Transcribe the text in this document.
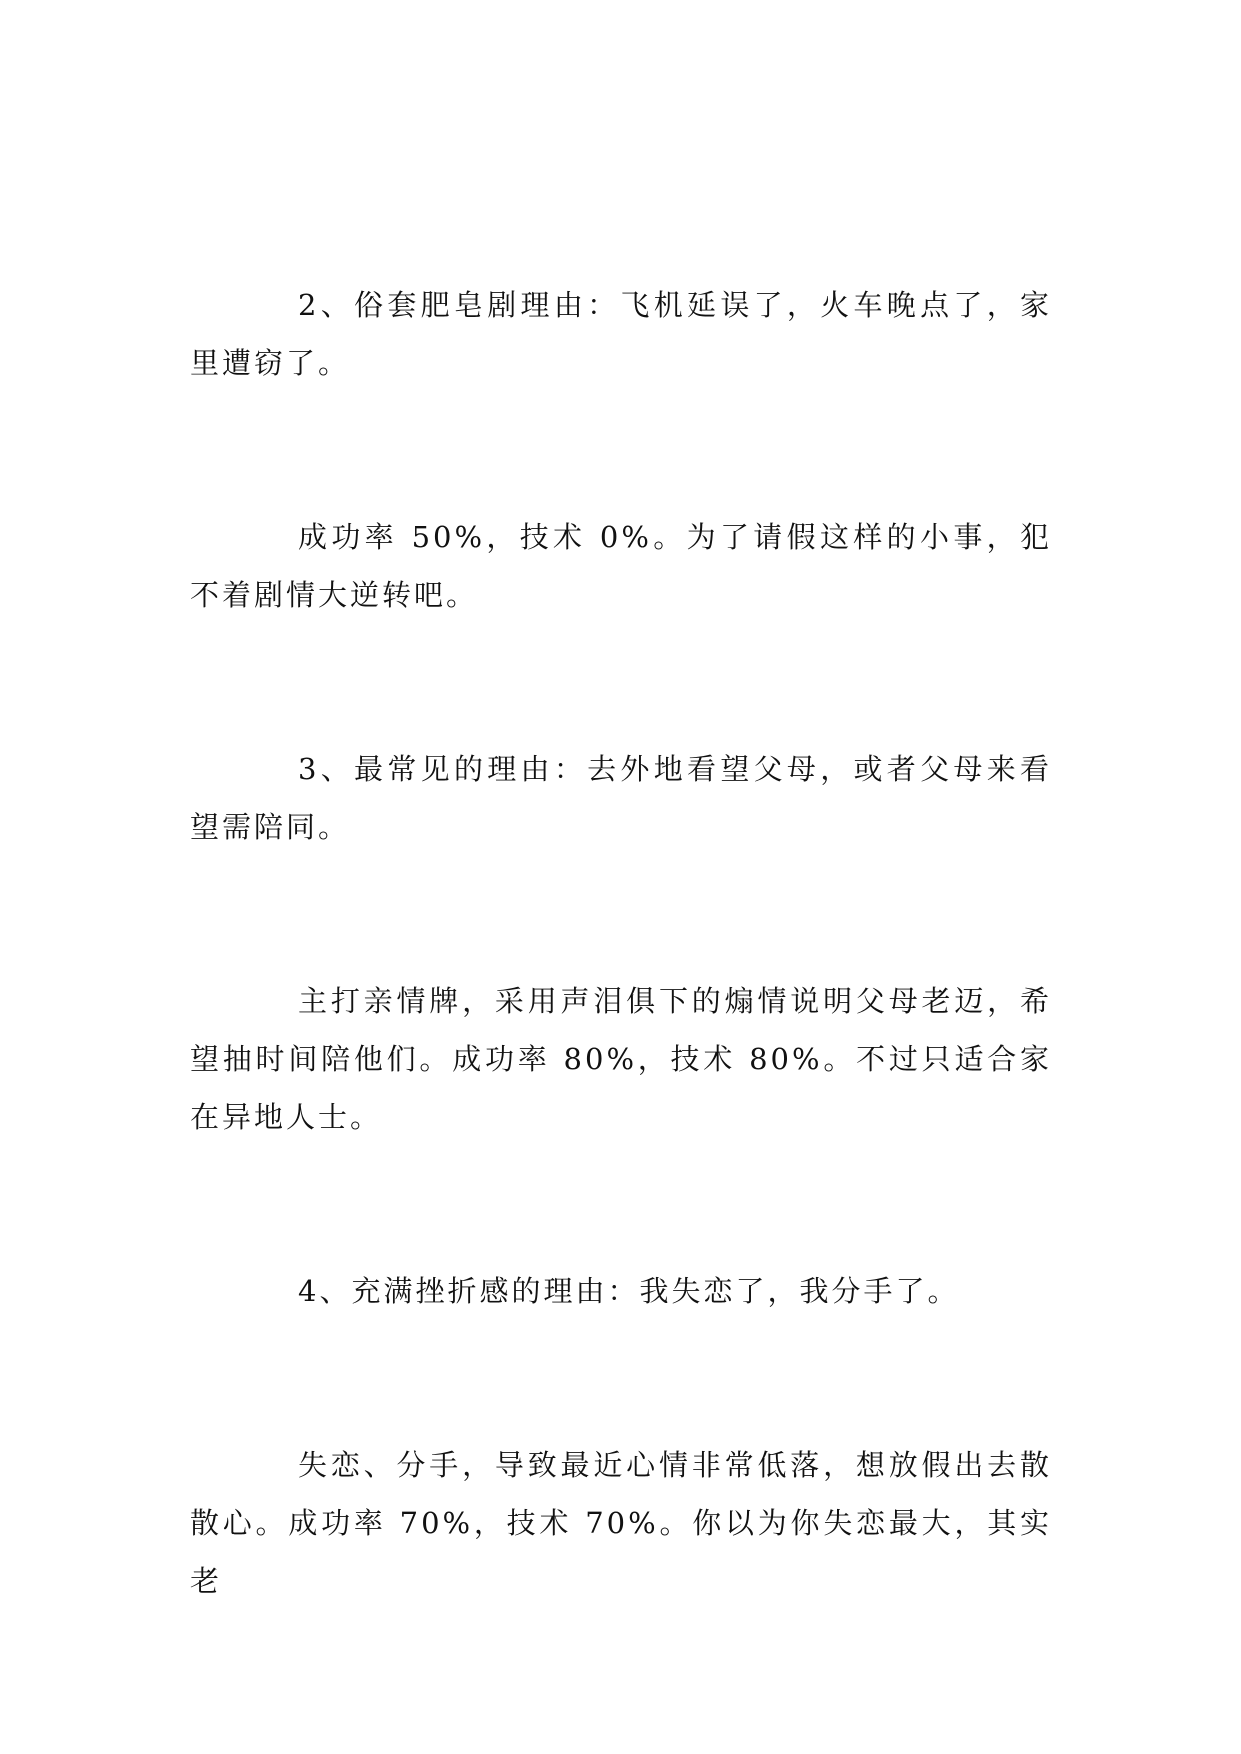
2、俗套肥皂剧理由：飞机延误了，火车晚点了，家里遭窃了。

成功率 50%，技术 0%。为了请假这样的小事，犯不着剧情大逆转吧。

3、最常见的理由：去外地看望父母，或者父母来看望需陪同。

主打亲情牌，采用声泪俱下的煽情说明父母老迈，希望抽时间陪他们。成功率 80%，技术 80%。不过只适合家在异地人士。

4、充满挫折感的理由：我失恋了，我分手了。

失恋、分手，导致最近心情非常低落，想放假出去散散心。成功率 70%，技术 70%。你以为你失恋最大，其实老
